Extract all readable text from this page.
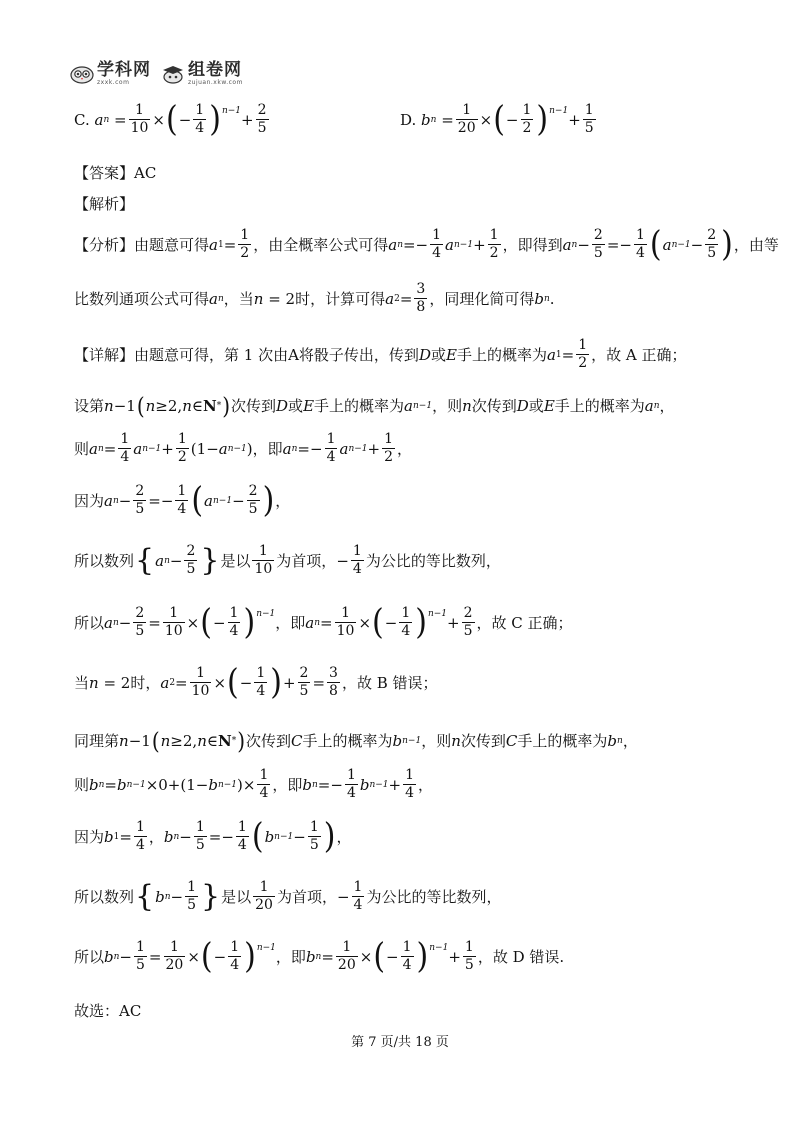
学科网
zxxk.com
组卷网
zujuan.xkw.com
C.
a $n = \frac{1}{10}$ × ( − $\frac{1}{4} )^{n-1} + \frac{2}{5}$	D.
b $n = \frac{1}{20}$ × ( − $\frac{1}{2} )^{n-1} + \frac{1}{5}$
【答案】AC
【解析】
【分析】 由题意可得 a $1 = \frac{1}{2}$ ，由全概率公式可得 a $n =- \frac{1}{4}$ a $n-1 + \frac{1}{2}$ ，即得到 a $n - \frac{2}{5} =- \frac{1}{4}$ ( a $n-1 - \frac{2}{5}$ ) ，由等
比数列通项公式可得 a n ，当 n = 2 时，计算可得 a $2 = \frac{3}{8}$ ，同理化简可得 b n .
【详解】 由题意可得，第 1 次由A将骰子传出，传到 D 或 E 手上的概率为 a $1 = \frac{1}{2}$ ，故 A 正确；
设第 n −1 ( n ≥2, n ∈ N * ) 次传到 D 或 E 手上的概率为 a n−1 ，则 n 次传到 D 或 E 手上的概率为 a n ，
则 a $n = \frac{1}{4}$ a $n-1 + \frac{1}{2} (1- a$ n−1 ) ，即 a $n =- \frac{1}{4}$ a $n-1 + \frac{1}{2}$ ，
因为 a $n - \frac{2}{5} =- \frac{1}{4}$ ( a $n-1 - \frac{2}{5}$ ) ，
所以数列 { a $n - \frac{2}{5}$ } 是以 $\frac{1}{10}$ 为首项， − $\frac{1}{4}$ 为公比的等比数列，
所以 a $n - \frac{2}{5} = \frac{1}{10}$ × ( − $\frac{1}{4} )^{n-1}$
，即 a $n = \frac{1}{10}$ × ( − $\frac{1}{4} )^{n-1} + \frac{2}{5}$ ，故 C 正确；
当 n = 2 时， a $2 = \frac{1}{10}$ × ( − $\frac{1}{4}$ ) + $\frac{2}{5} = \frac{3}{8}$ ，故 B 错误；
同理第 n −1 ( n ≥2, n ∈ N * ) 次传到 C 手上的概率为 b n−1 ，则 n 次传到 C 手上的概率为 b n ，
则 b n = b n−1 ×0+(1− b n−1 )× $\frac{1}{4}$ ，即 b $n =- \frac{1}{4}$ b $n-1 + \frac{1}{4}$ ，
因为 b $1 = \frac{1}{4}$ ， b $n - \frac{1}{5} =- \frac{1}{4}$ ( b $n-1 - \frac{1}{5}$ ) ，
所以数列 { b $n - \frac{1}{5}$ } 是以 $\frac{1}{20}$ 为首项， − $\frac{1}{4}$ 为公比的等比数列，
所以 b $n - \frac{1}{5} = \frac{1}{20}$ × ( − $\frac{1}{4} )^{n-1}$
，即 b $n = \frac{1}{20}$ × ( − $\frac{1}{4} )^{n-1} + \frac{1}{5}$ ，故 D 错误.
故选：AC
第 7 页/共 18 页
